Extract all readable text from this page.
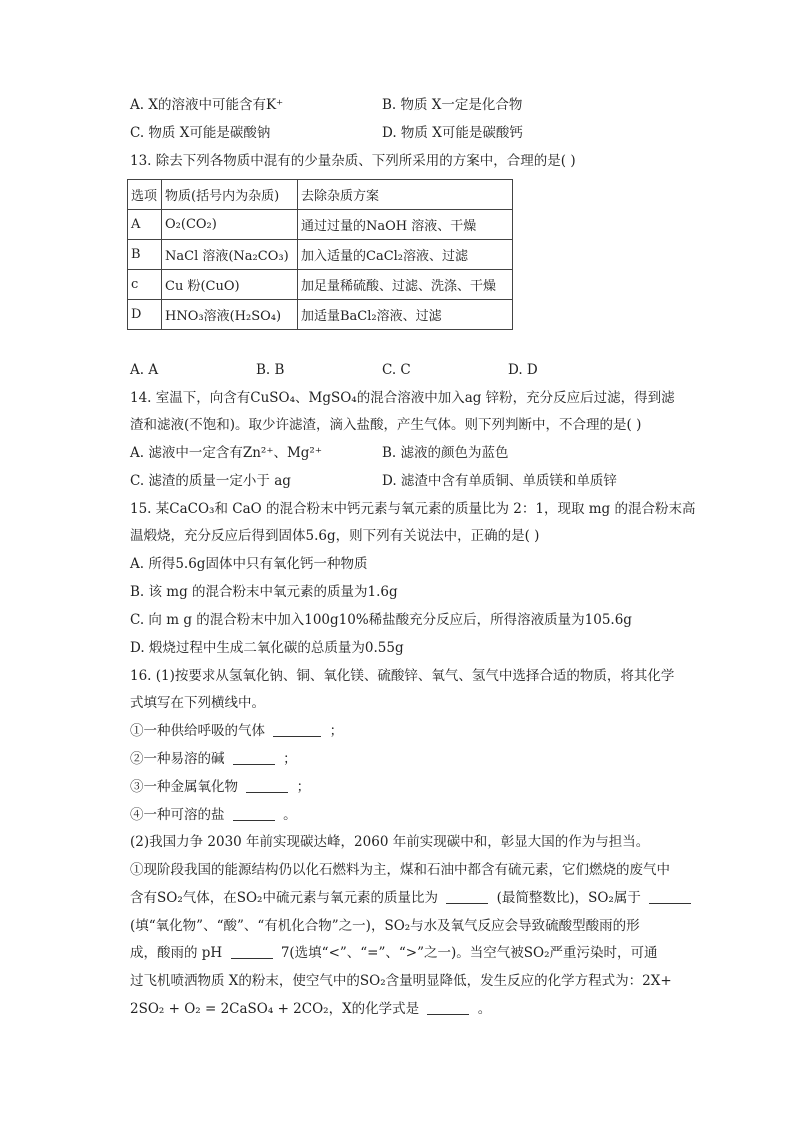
A. X的溶液中可能含有K⁺	B. 物质 X一定是化合物
C. 物质 X可能是碳酸钠	D. 物质 X可能是碳酸钙
13. 除去下列各物质中混有的少量杂质、下列所采用的方案中，合理的是( )
选项	物质(括号内为杂质)	去除杂质方案
A	O₂(CO₂)	通过过量的NaOH 溶液、干燥
B	NaCl 溶液(Na₂CO₃)	加入适量的CaCl₂溶液、过滤
c	Cu 粉(CuO)	加足量稀硫酸、过滤、洗涤、干燥
D	HNO₃溶液(H₂SO₄)	加适量BaCl₂溶液、过滤
A. A	B. B	C. C	D. D
14. 室温下，向含有CuSO₄、MgSO₄的混合溶液中加入ag 锌粉，充分反应后过滤，得到滤
渣和滤液(不饱和)。取少许滤渣，滴入盐酸，产生气体。则下列判断中，不合理的是( )
A. 滤液中一定含有Zn²⁺、Mg²⁺	B. 滤液的颜色为蓝色
C. 滤渣的质量一定小于 ag	D. 滤渣中含有单质铜、单质镁和单质锌
15. 某CaCO₃和 CaO 的混合粉末中钙元素与氧元素的质量比为 2：1，现取 mg 的混合粉末高
温煅烧，充分反应后得到固体5.6g，则下列有关说法中，正确的是( )
A. 所得5.6g固体中只有氧化钙一种物质
B. 该 mg 的混合粉末中氧元素的质量为1.6g
C. 向 m g 的混合粉末中加入100g10%稀盐酸充分反应后，所得溶液质量为105.6g
D. 煅烧过程中生成二氧化碳的总质量为0.55g
16. (1)按要求从氢氧化钠、铜、氧化镁、硫酸锌、氧气、氢气中选择合适的物质，将其化学
式填写在下列横线中。
①一种供给呼吸的气体	；
②一种易溶的碱	；
③一种金属氧化物	；
④一种可溶的盐	。
(2)我国力争 2030 年前实现碳达峰，2060 年前实现碳中和，彰显大国的作为与担当。
①现阶段我国的能源结构仍以化石燃料为主，煤和石油中都含有硫元素，它们燃烧的废气中
含有SO₂气体，在SO₂中硫元素与氧元素的质量比为	(最简整数比)，SO₂属于
(填“氧化物”、“酸”、“有机化合物”之一)，SO₂与水及氧气反应会导致硫酸型酸雨的形
成，酸雨的 pH	7(选填“<”、“=”、“>”之一)。当空气被SO₂严重污染时，可通
过飞机喷洒物质 X的粉末，使空气中的SO₂含量明显降低，发生反应的化学方程式为：2X+
2SO₂ + O₂ = 2CaSO₄ + 2CO₂，X的化学式是	。
